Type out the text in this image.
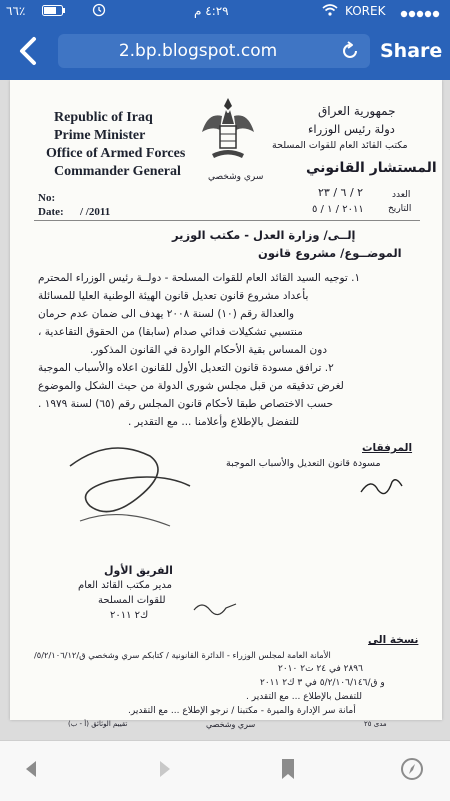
٦٦٪	٤:٢٩ م	KOREK
2.bp.blogspot.com	Share
Republic of Iraq
Prime Minister
Office of Armed Forces
Commander General	سري وشخصي
جمهورية العراق
دولة رئيس الوزراء
مكتب القائد العام للقوات المسلحة
المستشار القانوني
No:
Date: / /2011
٢ / ٦ / ٢٣	العدد
٢٠١١ / ١ / ٥	التاريخ
إلــى/ وزارة العدل - مكتب الوزير
الموضــوع/ مشروع قانون
١. توجيه السيد القائد العام للقوات المسلحة - دولــة رئيس الوزراء المحترم
بأعداد مشروع قانون تعديل قانون الهيئة الوطنية العليا للمسائلة
والعدالة رقم (١٠) لسنة ٢٠٠٨ يهدف الى ضمان عدم حرمان
منتسبي تشكيلات فدائي صدام (سابقا) من الحقوق التقاعدية ،
دون المساس بقية الأحكام الواردة في القانون المذكور.
٢. ترافق مسودة قانون التعديل الأول للقانون اعلاه والأسباب الموجبة
لغرض تدقيقه من قبل مجلس شورى الدولة من حيث الشكل والموضوع
حسب الاختصاص طبقا لأحكام قانون المجلس رقم (٦٥) لسنة ١٩٧٩ .
للتفضل بالإطلاع وأعلامنا ... مع التقدير .
المرفقات
مسودة قانون التعديل والأسباب الموجبة
الفريق الأول
مدير مكتب القائد العام
للقوات المسلحة
ك٢ ٢٠١١
نسخة الى
الأمانة العامة لمجلس الوزراء - الدائرة القانونية / كتابكم سري وشخصي ق/٥/٢/١٠٦/١٢/
٢٨٩٦ في ٢٤ ت٢ ٢٠١٠
و ق/٥/٢/١٠٦/١٤٦ في ٣ ك٢ ٢٠١١
للتفضل بالإطلاع ... مع التقدير .
أمانة سر الإدارة والميرة - مكتبنا / نرجو الإطلاع ... مع التقدير.
مدى ٢٥
سري وشخصي
تقييم الوثائق (أ - ب)
